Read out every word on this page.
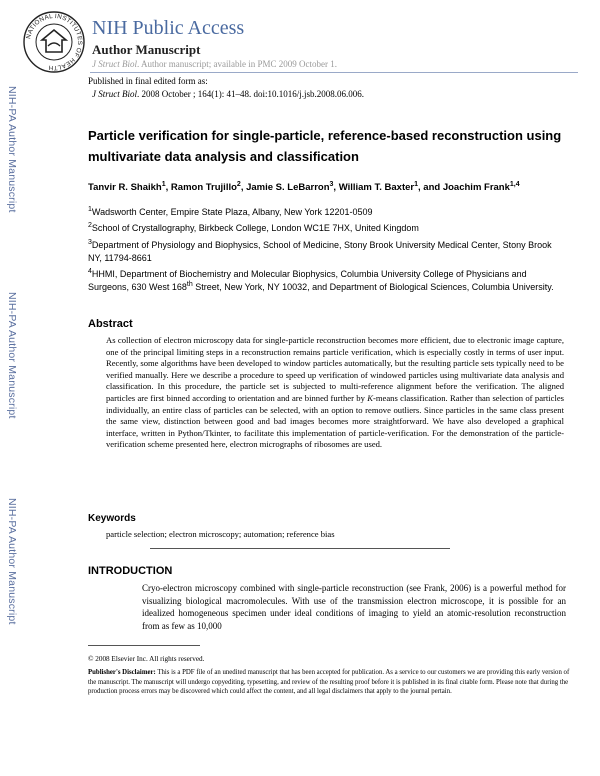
NATIONAL INSTITUTES OF HEALTH
NIH Public Access
Author Manuscript
J Struct Biol. Author manuscript; available in PMC 2009 October 1.
NIH-PA Author Manuscript
NIH-PA Author Manuscript
NIH-PA Author Manuscript
Published in final edited form as:
J Struct Biol. 2008 October ; 164(1): 41–48. doi:10.1016/j.jsb.2008.06.006.
Particle verification for single-particle, reference-based reconstruction using multivariate data analysis and classification
Tanvir R. Shaikh$^1$, Ramon Trujillo$^2$, Jamie S. LeBarron$^3$, William T. Baxter$^1$, and Joachim Frank$^{1,4}$
$^1$Wadsworth Center, Empire State Plaza, Albany, New York 12201-0509
$^2$School of Crystallography, Birkbeck College, London WC1E 7HX, United Kingdom
$^3$Department of Physiology and Biophysics, School of Medicine, Stony Brook University Medical Center, Stony Brook NY, 11794-8661
$^4$HHMI, Department of Biochemistry and Molecular Biophysics, Columbia University College of Physicians and Surgeons, 630 West 168th Street, New York, NY 10032, and Department of Biological Sciences, Columbia University.
Abstract
As collection of electron microscopy data for single-particle reconstruction becomes more efficient, due to electronic image capture, one of the principal limiting steps in a reconstruction remains particle verification, which is especially costly in terms of user input. Recently, some algorithms have been developed to window particles automatically, but the resulting particle sets typically need to be verified manually. Here we describe a procedure to speed up verification of windowed particles using multivariate data analysis and classification. In this procedure, the particle set is subjected to multi-reference alignment before the verification. The aligned particles are first binned according to orientation and are binned further by K-means classification. Rather than selection of particles individually, an entire class of particles can be selected, with an option to remove outliers. Since particles in the same class present the same view, distinction between good and bad images becomes more straightforward. We have also developed a graphical interface, written in Python/Tkinter, to facilitate this implementation of particle-verification. For the demonstration of the particle-verification scheme presented here, electron micrographs of ribosomes are used.
Keywords
particle selection; electron microscopy; automation; reference bias
INTRODUCTION
Cryo-electron microscopy combined with single-particle reconstruction (see Frank, 2006) is a powerful method for visualizing biological macromolecules. With use of the transmission electron microscope, it is possible for an idealized homogeneous specimen under ideal conditions of imaging to yield an atomic-resolution reconstruction from as few as 10,000
© 2008 Elsevier Inc. All rights reserved.
Publisher's Disclaimer: This is a PDF file of an unedited manuscript that has been accepted for publication. As a service to our customers we are providing this early version of the manuscript. The manuscript will undergo copyediting, typesetting, and review of the resulting proof before it is published in its final citable form. Please note that during the production process errors may be discovered which could affect the content, and all legal disclaimers that apply to the journal pertain.
